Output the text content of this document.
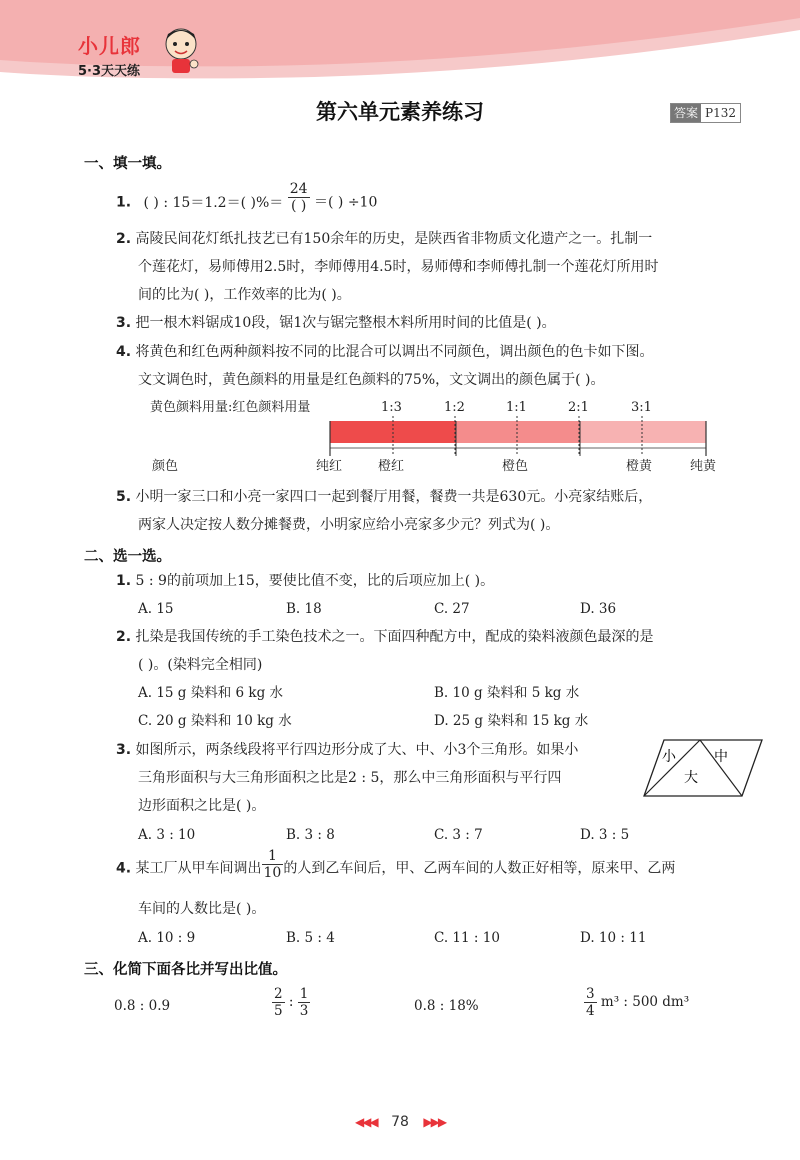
小儿郎
5·3天天练
第六单元素养练习	答案 P132
一、填一填。
1. ( ) : 15＝1.2＝( )%＝ $\frac{24}{( )}$ ＝( ) ÷10
2. 高陵民间花灯纸扎技艺已有150余年的历史，是陕西省非物质文化遗产之一。扎制一
个莲花灯，易师傅用2.5时，李师傅用4.5时，易师傅和李师傅扎制一个莲花灯所用时
间的比为( )，工作效率的比为( )。
3. 把一根木料锯成10段，锯1次与锯完整根木料所用时间的比值是( )。
4. 将黄色和红色两种颜料按不同的比混合可以调出不同颜色，调出颜色的色卡如下图。
文文调色时，黄色颜料的用量是红色颜料的75%，文文调出的颜色属于( )。
黄色颜料用量:红色颜料用量	1:3	1:2	1:1	2:1	3:1
颜色	纯红	橙红	橙色	橙黄	纯黄
5. 小明一家三口和小亮一家四口一起到餐厅用餐，餐费一共是630元。小亮家结账后，
两家人决定按人数分摊餐费，小明家应给小亮家多少元？列式为( )。
二、选一选。
1. 5 : 9的前项加上15，要使比值不变，比的后项应加上( )。
A. 15	B. 18	C. 27	D. 36
2. 扎染是我国传统的手工染色技术之一。下面四种配方中，配成的染料液颜色最深的是
( )。(染料完全相同)
A. 15 g 染料和 6 kg 水	B. 10 g 染料和 5 kg 水
C. 20 g 染料和 10 kg 水	D. 25 g 染料和 15 kg 水
3. 如图所示，两条线段将平行四边形分成了大、中、小3个三角形。如果小
三角形面积与大三角形面积之比是2 : 5，那么中三角形面积与平行四
边形面积之比是( )。
小	中
大
A. 3 : 10	B. 3 : 8	C. 3 : 7	D. 3 : 5
4. 某工厂从甲车间调出 $\frac{1}{10}$ 的人到乙车间后，甲、乙两车间的人数正好相等，原来甲、乙两
车间的人数比是( )。
A. 10 : 9	B. 5 : 4	C. 11 : 10	D. 10 : 11
三、化简下面各比并写出比值。
0.8 : 0.9	$\frac{2}{5}$ : $\frac{1}{3}$	0.8 : 18%	$\frac{3}{4} m^3$ : 500 dm³
◀◀◀ 78 ▶▶▶
